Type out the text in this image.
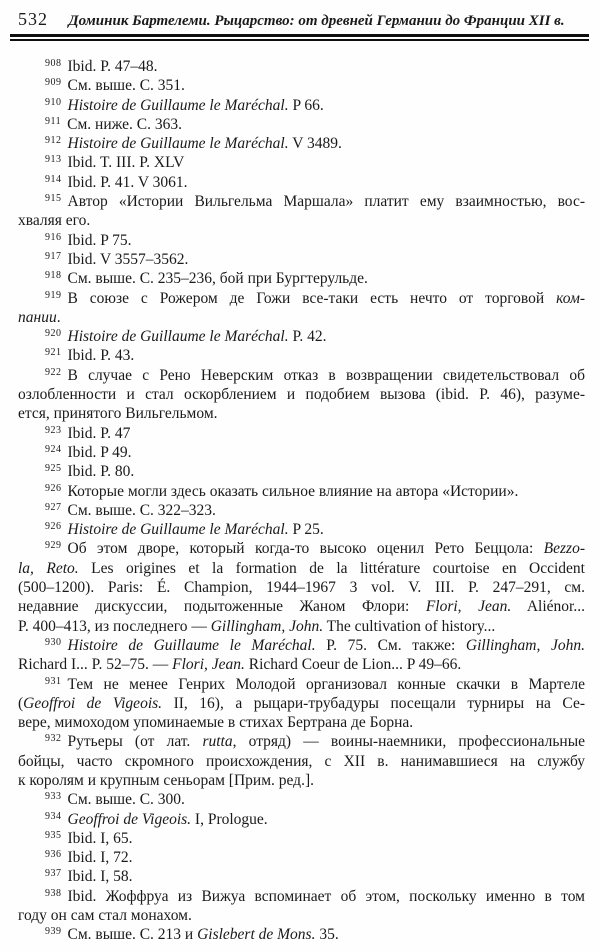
532	Доминик Бартелеми. Рыцарство: от древней Германии до Франции XII в.
$^{908}$ Ibid. P. 47–48.
$^{909}$ См. выше. С. 351.
$^{910}$ Histoire de Guillaume le Maréchal. P 66.
$^{911}$ См. ниже. С. 363.
$^{912}$ Histoire de Guillaume le Maréchal. V 3489.
$^{913}$ Ibid. T. III. P. XLV
$^{914}$ Ibid. P. 41. V 3061.
$^{915}$ Автор «Истории Вильгельма Маршала» платит ему взаимностью, вос-
хваляя его.
$^{916}$ Ibid. P 75.
$^{917}$ Ibid. V 3557–3562.
$^{918}$ См. выше. С. 235–236, бой при Бургтерульде.
$^{919}$ В союзе с Рожером де Гожи все-таки есть нечто от торговой ком-
пании.
$^{920}$ Histoire de Guillaume le Maréchal. P. 42.
$^{921}$ Ibid. P. 43.
$^{922}$ В случае с Рено Неверским отказ в возвращении свидетельствовал об
озлобленности и стал оскорблением и подобием вызова (ibid. P. 46), разуме-
ется, принятого Вильгельмом.
$^{923}$ Ibid. P. 47
$^{924}$ Ibid. P 49.
$^{925}$ Ibid. P. 80.
$^{926}$ Которые могли здесь оказать сильное влияние на автора «Истории».
$^{927}$ См. выше. С. 322–323.
$^{926}$ Histoire de Guillaume le Maréchal. P 25.
$^{929}$ Об этом дворе, который когда-то высоко оценил Рето Беццола: Bezzo-
la, Reto. Les origines et la formation de la littérature courtoise en Occident
(500–1200). Paris: É. Champion, 1944–1967 3 vol. V. III. P. 247–291, см.
недавние дискуссии, подытоженные Жаном Флори: Flori, Jean. Aliénor...
P. 400–413, из последнего — Gillingham, John. The cultivation of history...
$^{930}$ Histoire de Guillaume le Maréchal. P. 75. См. также: Gillingham, John.
Richard I... P. 52–75. — Flori, Jean. Richard Coeur de Lion... P 49–66.
$^{931}$ Тем не менее Генрих Молодой организовал конные скачки в Мартеле
(Geoffroi de Vigeois. II, 16), а рыцари-трубадуры посещали турниры на Се-
вере, мимоходом упоминаемые в стихах Бертрана де Борна.
$^{932}$ Рутьеры (от лат. rutta, отряд) — воины-наемники, профессиональные
бойцы, часто скромного происхождения, с XII в. нанимавшиеся на службу
к королям и крупным сеньорам [Прим. ред.].
$^{933}$ См. выше. С. 300.
$^{934}$ Geoffroi de Vigeois. I, Prologue.
$^{935}$ Ibid. I, 65.
$^{936}$ Ibid. I, 72.
$^{937}$ Ibid. I, 58.
$^{938}$ Ibid. Жоффруа из Вижуа вспоминает об этом, поскольку именно в том
году он сам стал монахом.
$^{939}$ См. выше. С. 213 и Gislebert de Mons. 35.
